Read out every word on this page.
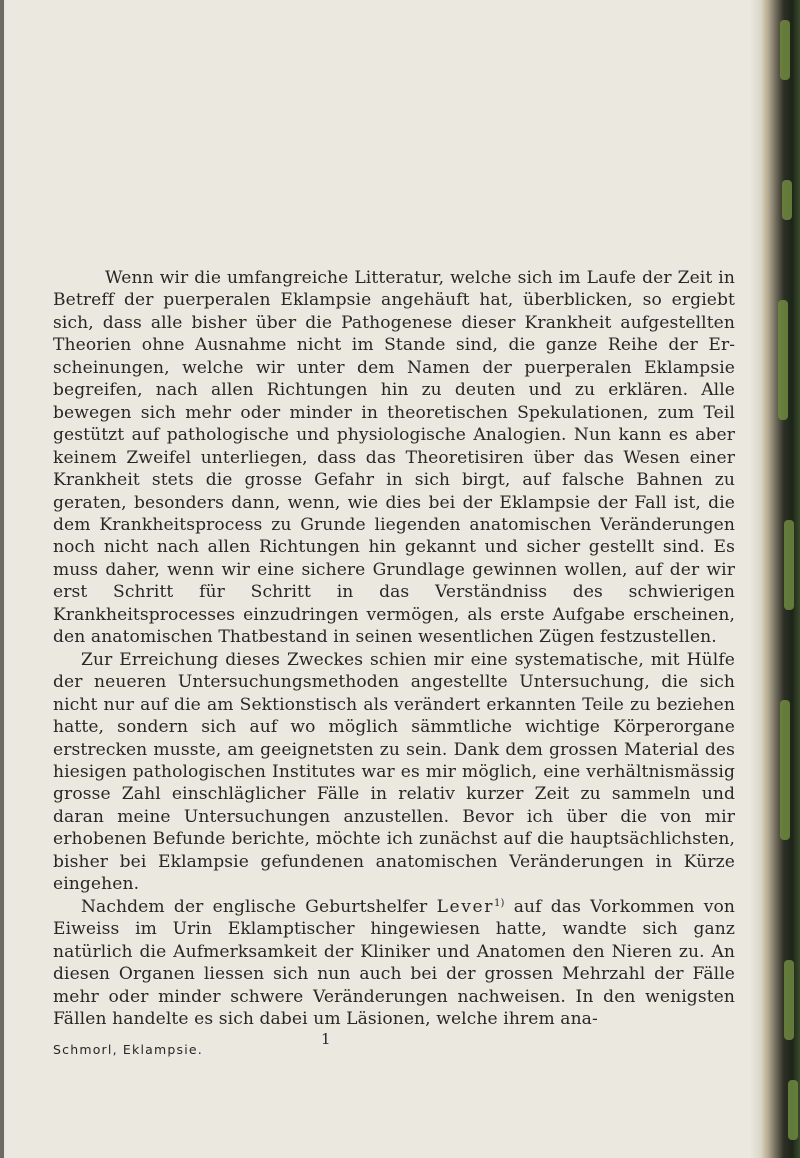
Wenn wir die umfangreiche Litteratur, welche sich im Laufe der Zeit in Betreff der puerperalen Eklampsie angehäuft hat, überblicken, so ergiebt sich, dass alle bisher über die Pathogenese dieser Krankheit aufgestellten Theorien ohne Ausnahme nicht im Stande sind, die ganze Reihe der Erscheinungen, welche wir unter dem Namen der puerperalen Eklampsie begreifen, nach allen Richtungen hin zu deuten und zu erklären. Alle bewegen sich mehr oder minder in theoretischen Spekulationen, zum Teil gestützt auf pathologische und physiologische Analogien. Nun kann es aber keinem Zweifel unterliegen, dass das Theoretisiren über das Wesen einer Krankheit stets die grosse Gefahr in sich birgt, auf falsche Bahnen zu geraten, besonders dann, wenn, wie dies bei der Eklampsie der Fall ist, die dem Krankheitsprocess zu Grunde liegenden anatomischen Veränderungen noch nicht nach allen Richtungen hin gekannt und sicher gestellt sind. Es muss daher, wenn wir eine sichere Grundlage gewinnen wollen, auf der wir erst Schritt für Schritt in das Verständniss des schwierigen Krankheitsprocesses einzudringen vermögen, als erste Aufgabe erscheinen, den anatomischen Thatbestand in seinen wesentlichen Zügen festzustellen.

Zur Erreichung dieses Zweckes schien mir eine systematische, mit Hülfe der neueren Untersuchungsmethoden angestellte Untersuchung, die sich nicht nur auf die am Sektionstisch als verändert erkannten Teile zu beziehen hatte, sondern sich auf wo möglich sämmtliche wichtige Körperorgane erstrecken musste, am geeignetsten zu sein. Dank dem grossen Material des hiesigen pathologischen Institutes war es mir möglich, eine verhältnismässig grosse Zahl einschläglicher Fälle in relativ kurzer Zeit zu sammeln und daran meine Untersuchungen anzustellen. Bevor ich über die von mir erhobenen Befunde berichte, möchte ich zunächst auf die hauptsächlichsten, bisher bei Eklampsie gefundenen anatomischen Veränderungen in Kürze eingehen.

Nachdem der englische Geburtshelfer Lever$^{1)}$ auf das Vorkommen von Eiweiss im Urin Eklamptischer hingewiesen hatte, wandte sich ganz natürlich die Aufmerksamkeit der Kliniker und Anatomen den Nieren zu. An diesen Organen liessen sich nun auch bei der grossen Mehrzahl der Fälle mehr oder minder schwere Veränderungen nachweisen. In den wenigsten Fällen handelte es sich dabei um Läsionen, welche ihrem ana-

1
Schmorl, Eklampsie.
